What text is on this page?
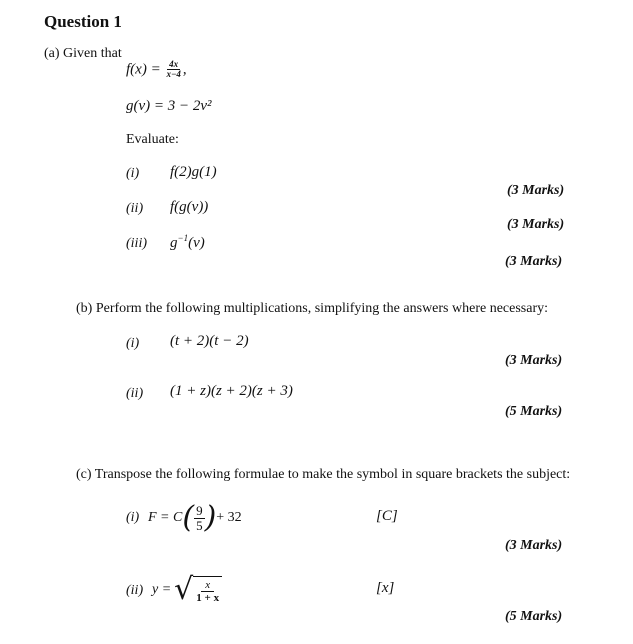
Question 1
(a) Given that
$f(x) = \frac{4x}{x-4}$ ,
g(v) = 3 − 2v²
Evaluate:
(i) f(2)g(1)
(3 Marks)
(ii) f(g(v))
(3 Marks)
(iii) $g^{-1}(v)$
(3 Marks)
(b) Perform the following multiplications, simplifying the answers where necessary:
(i) (t + 2)(t − 2)
(3 Marks)
(ii) (1 + z)(z + 2)(z + 3)
(5 Marks)
(c) Transpose the following formulae to make the symbol in square brackets the subject:
(i) F = C ( $\frac{9}{5}$ ) + 32	[C]
(3 Marks)
(ii) y = √ $\frac{x}{1 + x}$	[x]
(5 Marks)
